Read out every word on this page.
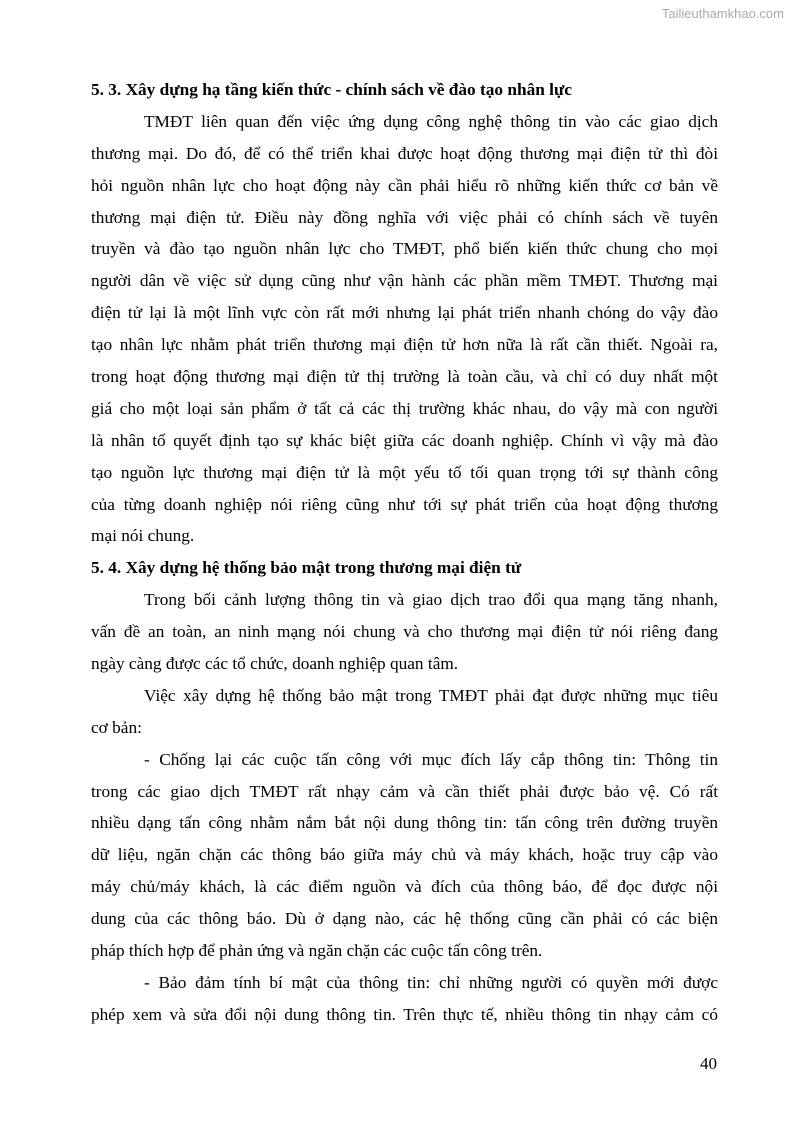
Tailieuthamkhao.com
5. 3. Xây dựng hạ tầng kiến thức - chính sách về đào tạo nhân lực
TMĐT liên quan đến việc ứng dụng công nghệ thông tin vào các giao dịch
thương mại. Do đó, để có thể triển khai được hoạt động thương mại điện tử thì đòi
hỏi nguồn nhân lực cho hoạt động này cần phải hiểu rõ những kiến thức cơ bản về
thương mại điện tử. Điều này đồng nghĩa với việc phải có chính sách về tuyên
truyền và đào tạo nguồn nhân lực cho TMĐT, phổ biến kiến thức chung cho mọi
người dân về việc sử dụng cũng như vận hành các phần mềm TMĐT. Thương mại
điện tử lại là một lĩnh vực còn rất mới nhưng lại phát triển nhanh chóng do vậy đào
tạo nhân lực nhằm phát triển thương mại điện tử hơn nữa là rất cần thiết. Ngoài ra,
trong hoạt động thương mại điện tử thị trường là toàn cầu, và chỉ có duy nhất một
giá cho một loại sản phẩm ở tất cả các thị trường khác nhau, do vậy mà con người
là nhân tố quyết định tạo sự khác biệt giữa các doanh nghiệp. Chính vì vậy mà đào
tạo nguồn lực thương mại điện tử là một yếu tố tối quan trọng tới sự thành công
của từng doanh nghiệp nói riêng cũng như tới sự phát triển của hoạt động thương
mại nói chung.
5. 4. Xây dựng hệ thống bảo mật trong thương mại điện tử
Trong bối cảnh lượng thông tin và giao dịch trao đổi qua mạng tăng nhanh,
vấn đề an toàn, an ninh mạng nói chung và cho thương mại điện tử nói riêng đang
ngày càng được các tổ chức, doanh nghiệp quan tâm.
Việc xây dựng hệ thống bảo mật trong TMĐT phải đạt được những mục tiêu
cơ bản:
- Chống lại các cuộc tấn công với mục đích lấy cắp thông tin: Thông tin
trong các giao dịch TMĐT rất nhạy cảm và cần thiết phải được bảo vệ. Có rất
nhiều dạng tấn công nhằm nắm bắt nội dung thông tin: tấn công trên đường truyền
dữ liệu, ngăn chặn các thông báo giữa máy chủ và máy khách, hoặc truy cập vào
máy chủ/máy khách, là các điểm nguồn và đích của thông báo, để đọc được nội
dung của các thông báo. Dù ở dạng nào, các hệ thống cũng cần phải có các biện
pháp thích hợp để phản ứng và ngăn chặn các cuộc tấn công trên.
- Bảo đảm tính bí mật của thông tin: chỉ những người có quyền mới được
phép xem và sửa đổi nội dung thông tin. Trên thực tế, nhiều thông tin nhạy cảm có
40
